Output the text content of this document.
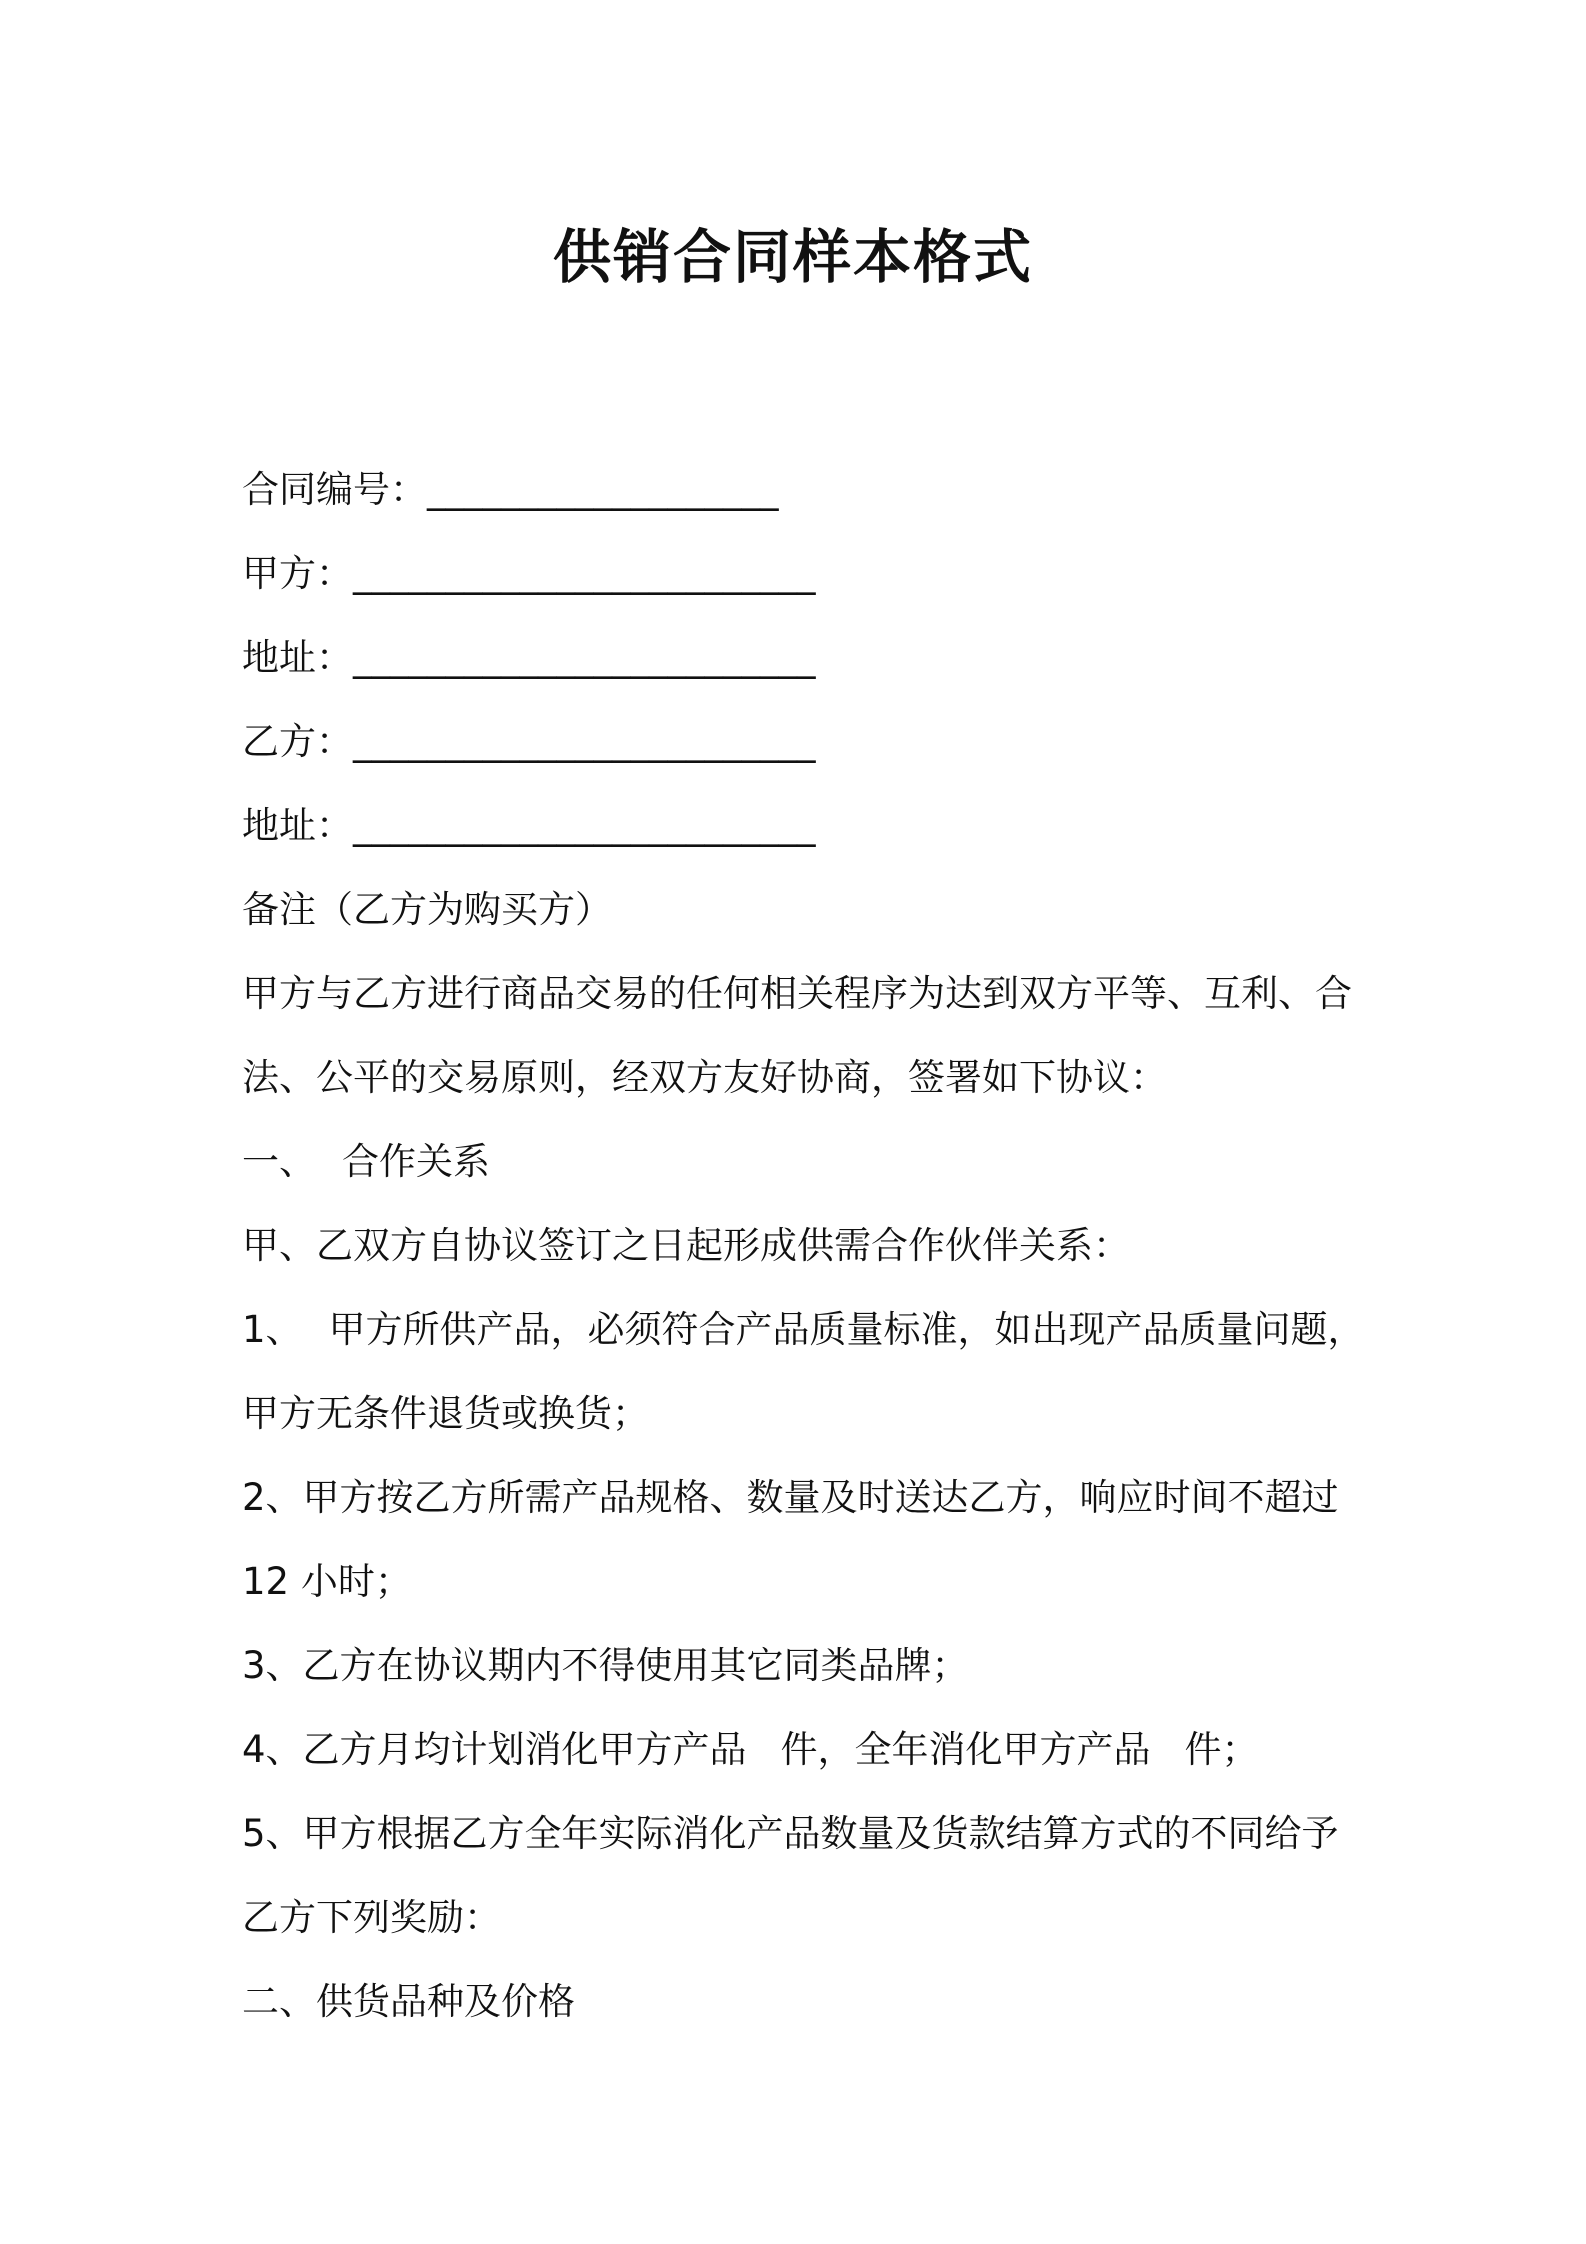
供销合同样本格式
合同编号：___________________
甲方：_________________________
地址：_________________________
乙方：_________________________
地址：_________________________
备注（乙方为购买方）
甲方与乙方进行商品交易的任何相关程序为达到双方平等、互利、合
法、公平的交易原则，经双方友好协商，签署如下协议：
一、 合作关系
甲、乙双方自协议签订之日起形成供需合作伙伴关系：
1、 甲方所供产品，必须符合产品质量标准，如出现产品质量问题，
甲方无条件退货或换货；
2、甲方按乙方所需产品规格、数量及时送达乙方，响应时间不超过
12 小时；
3、乙方在协议期内不得使用其它同类品牌；
4、乙方月均计划消化甲方产品 件，全年消化甲方产品 件；
5、甲方根据乙方全年实际消化产品数量及货款结算方式的不同给予
乙方下列奖励：
二、供货品种及价格
